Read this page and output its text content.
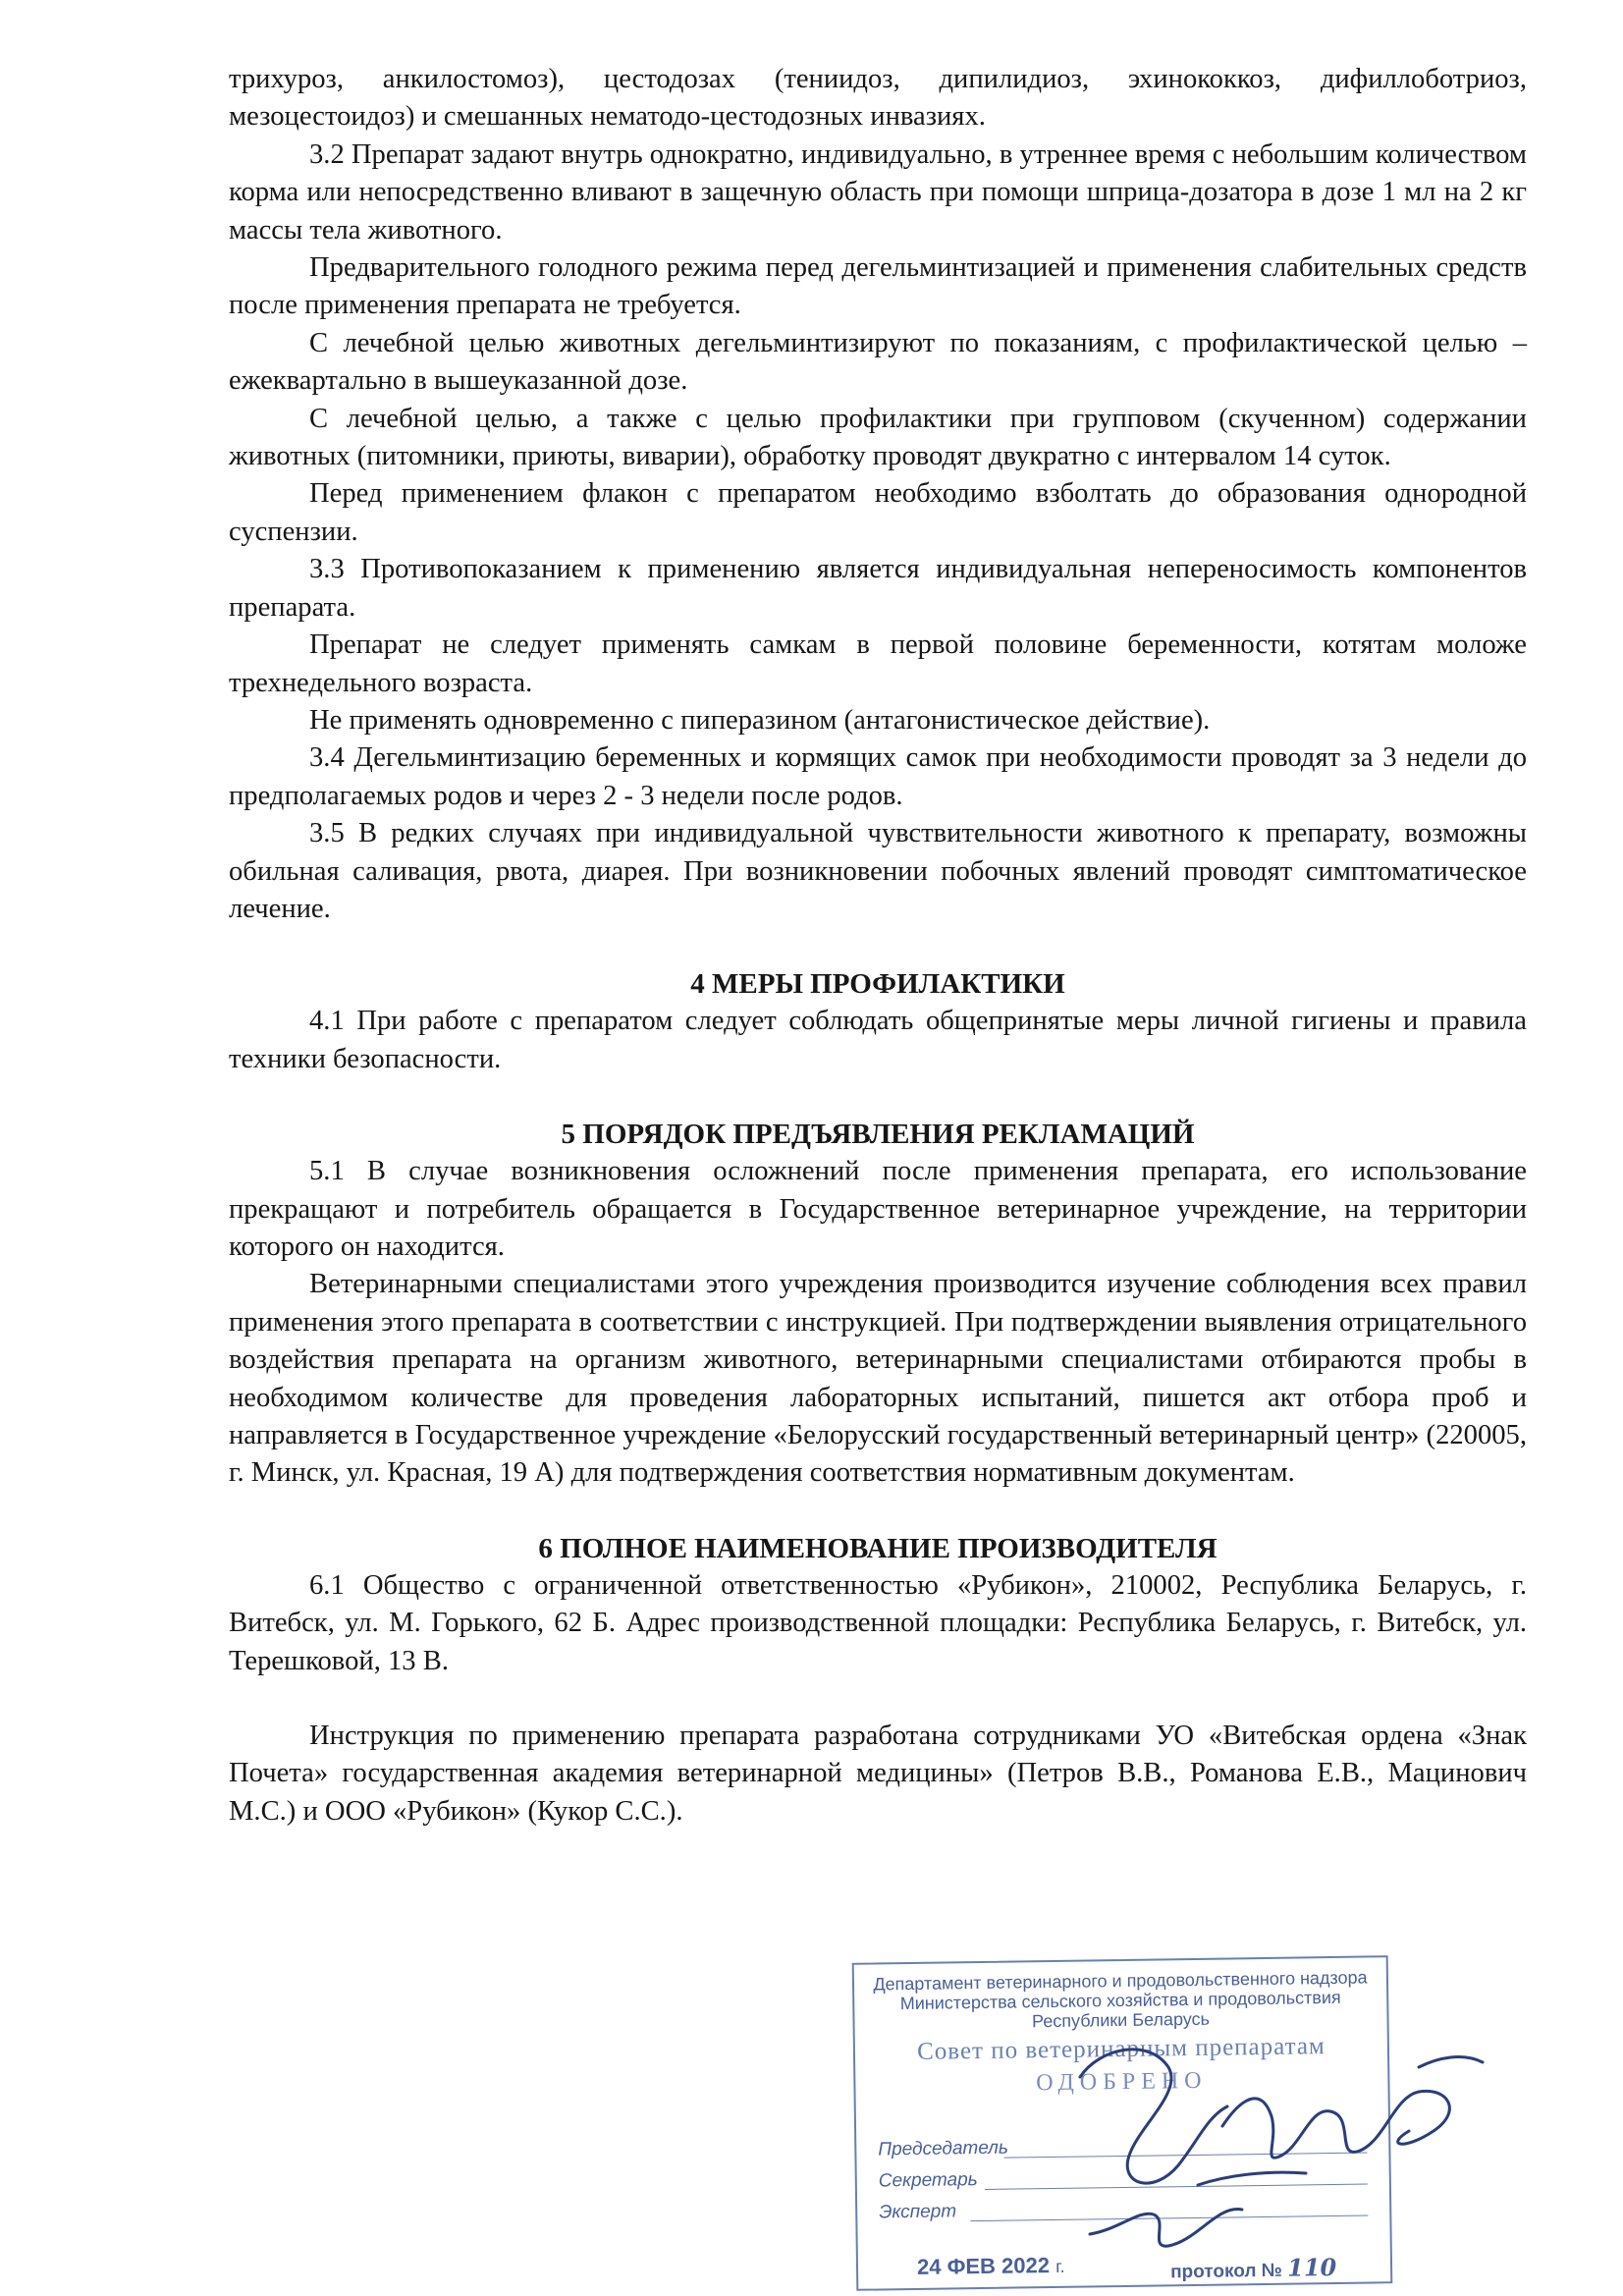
трихуроз, анкилостомоз), цестодозах (тениидоз, дипилидиоз, эхинококкоз, дифиллоботриоз, мезоцестоидоз) и смешанных нематодо-цестодозных инвазиях.

3.2 Препарат задают внутрь однократно, индивидуально, в утреннее время с небольшим количеством корма или непосредственно вливают в защечную область при помощи шприца-дозатора в дозе 1 мл на 2 кг массы тела животного.

Предварительного голодного режима перед дегельминтизацией и применения слабительных средств после применения препарата не требуется.

С лечебной целью животных дегельминтизируют по показаниям, с профилактической целью – ежеквартально в вышеуказанной дозе.

С лечебной целью, а также с целью профилактики при групповом (скученном) содержании животных (питомники, приюты, виварии), обработку проводят двукратно с интервалом 14 суток.

Перед применением флакон с препаратом необходимо взболтать до образования однородной суспензии.

3.3 Противопоказанием к применению является индивидуальная непереносимость компонентов препарата.

Препарат не следует применять самкам в первой половине беременности, котятам моложе трехнедельного возраста.

Не применять одновременно с пиперазином (антагонистическое действие).

3.4 Дегельминтизацию беременных и кормящих самок при необходимости проводят за 3 недели до предполагаемых родов и через 2 - 3 недели после родов.

3.5 В редких случаях при индивидуальной чувствительности животного к препарату, возможны обильная саливация, рвота, диарея. При возникновении побочных явлений проводят симптоматическое лечение.

4 МЕРЫ ПРОФИЛАКТИКИ

4.1 При работе с препаратом следует соблюдать общепринятые меры личной гигиены и правила техники безопасности.

5 ПОРЯДОК ПРЕДЪЯВЛЕНИЯ РЕКЛАМАЦИЙ

5.1 В случае возникновения осложнений после применения препарата, его использование прекращают и потребитель обращается в Государственное ветеринарное учреждение, на территории которого он находится.

Ветеринарными специалистами этого учреждения производится изучение соблюдения всех правил применения этого препарата в соответствии с инструкцией. При подтверждении выявления отрицательного воздействия препарата на организм животного, ветеринарными специалистами отбираются пробы в необходимом количестве для проведения лабораторных испытаний, пишется акт отбора проб и направляется в Государственное учреждение «Белорусский государственный ветеринарный центр» (220005, г. Минск, ул. Красная, 19 А) для подтверждения соответствия нормативным документам.

6 ПОЛНОЕ НАИМЕНОВАНИЕ ПРОИЗВОДИТЕЛЯ

6.1 Общество с ограниченной ответственностью «Рубикон», 210002, Республика Беларусь, г. Витебск, ул. М. Горького, 62 Б. Адрес производственной площадки: Республика Беларусь, г. Витебск, ул. Терешковой, 13 В.

Инструкция по применению препарата разработана сотрудниками УО «Витебская ордена «Знак Почета» государственная академия ветеринарной медицины» (Петров В.В., Романова Е.В., Мацинович М.С.) и ООО «Рубикон» (Кукор С.С.).

Департамент ветеринарного и продовольственного надзора Министерства сельского хозяйства и продовольствия Республики Беларусь
Совет по ветеринарным препаратам
ОДОБРЕНО
Председатель
Секретарь
Эксперт
24 ФЕВ 2022 г.	протокол № 110
